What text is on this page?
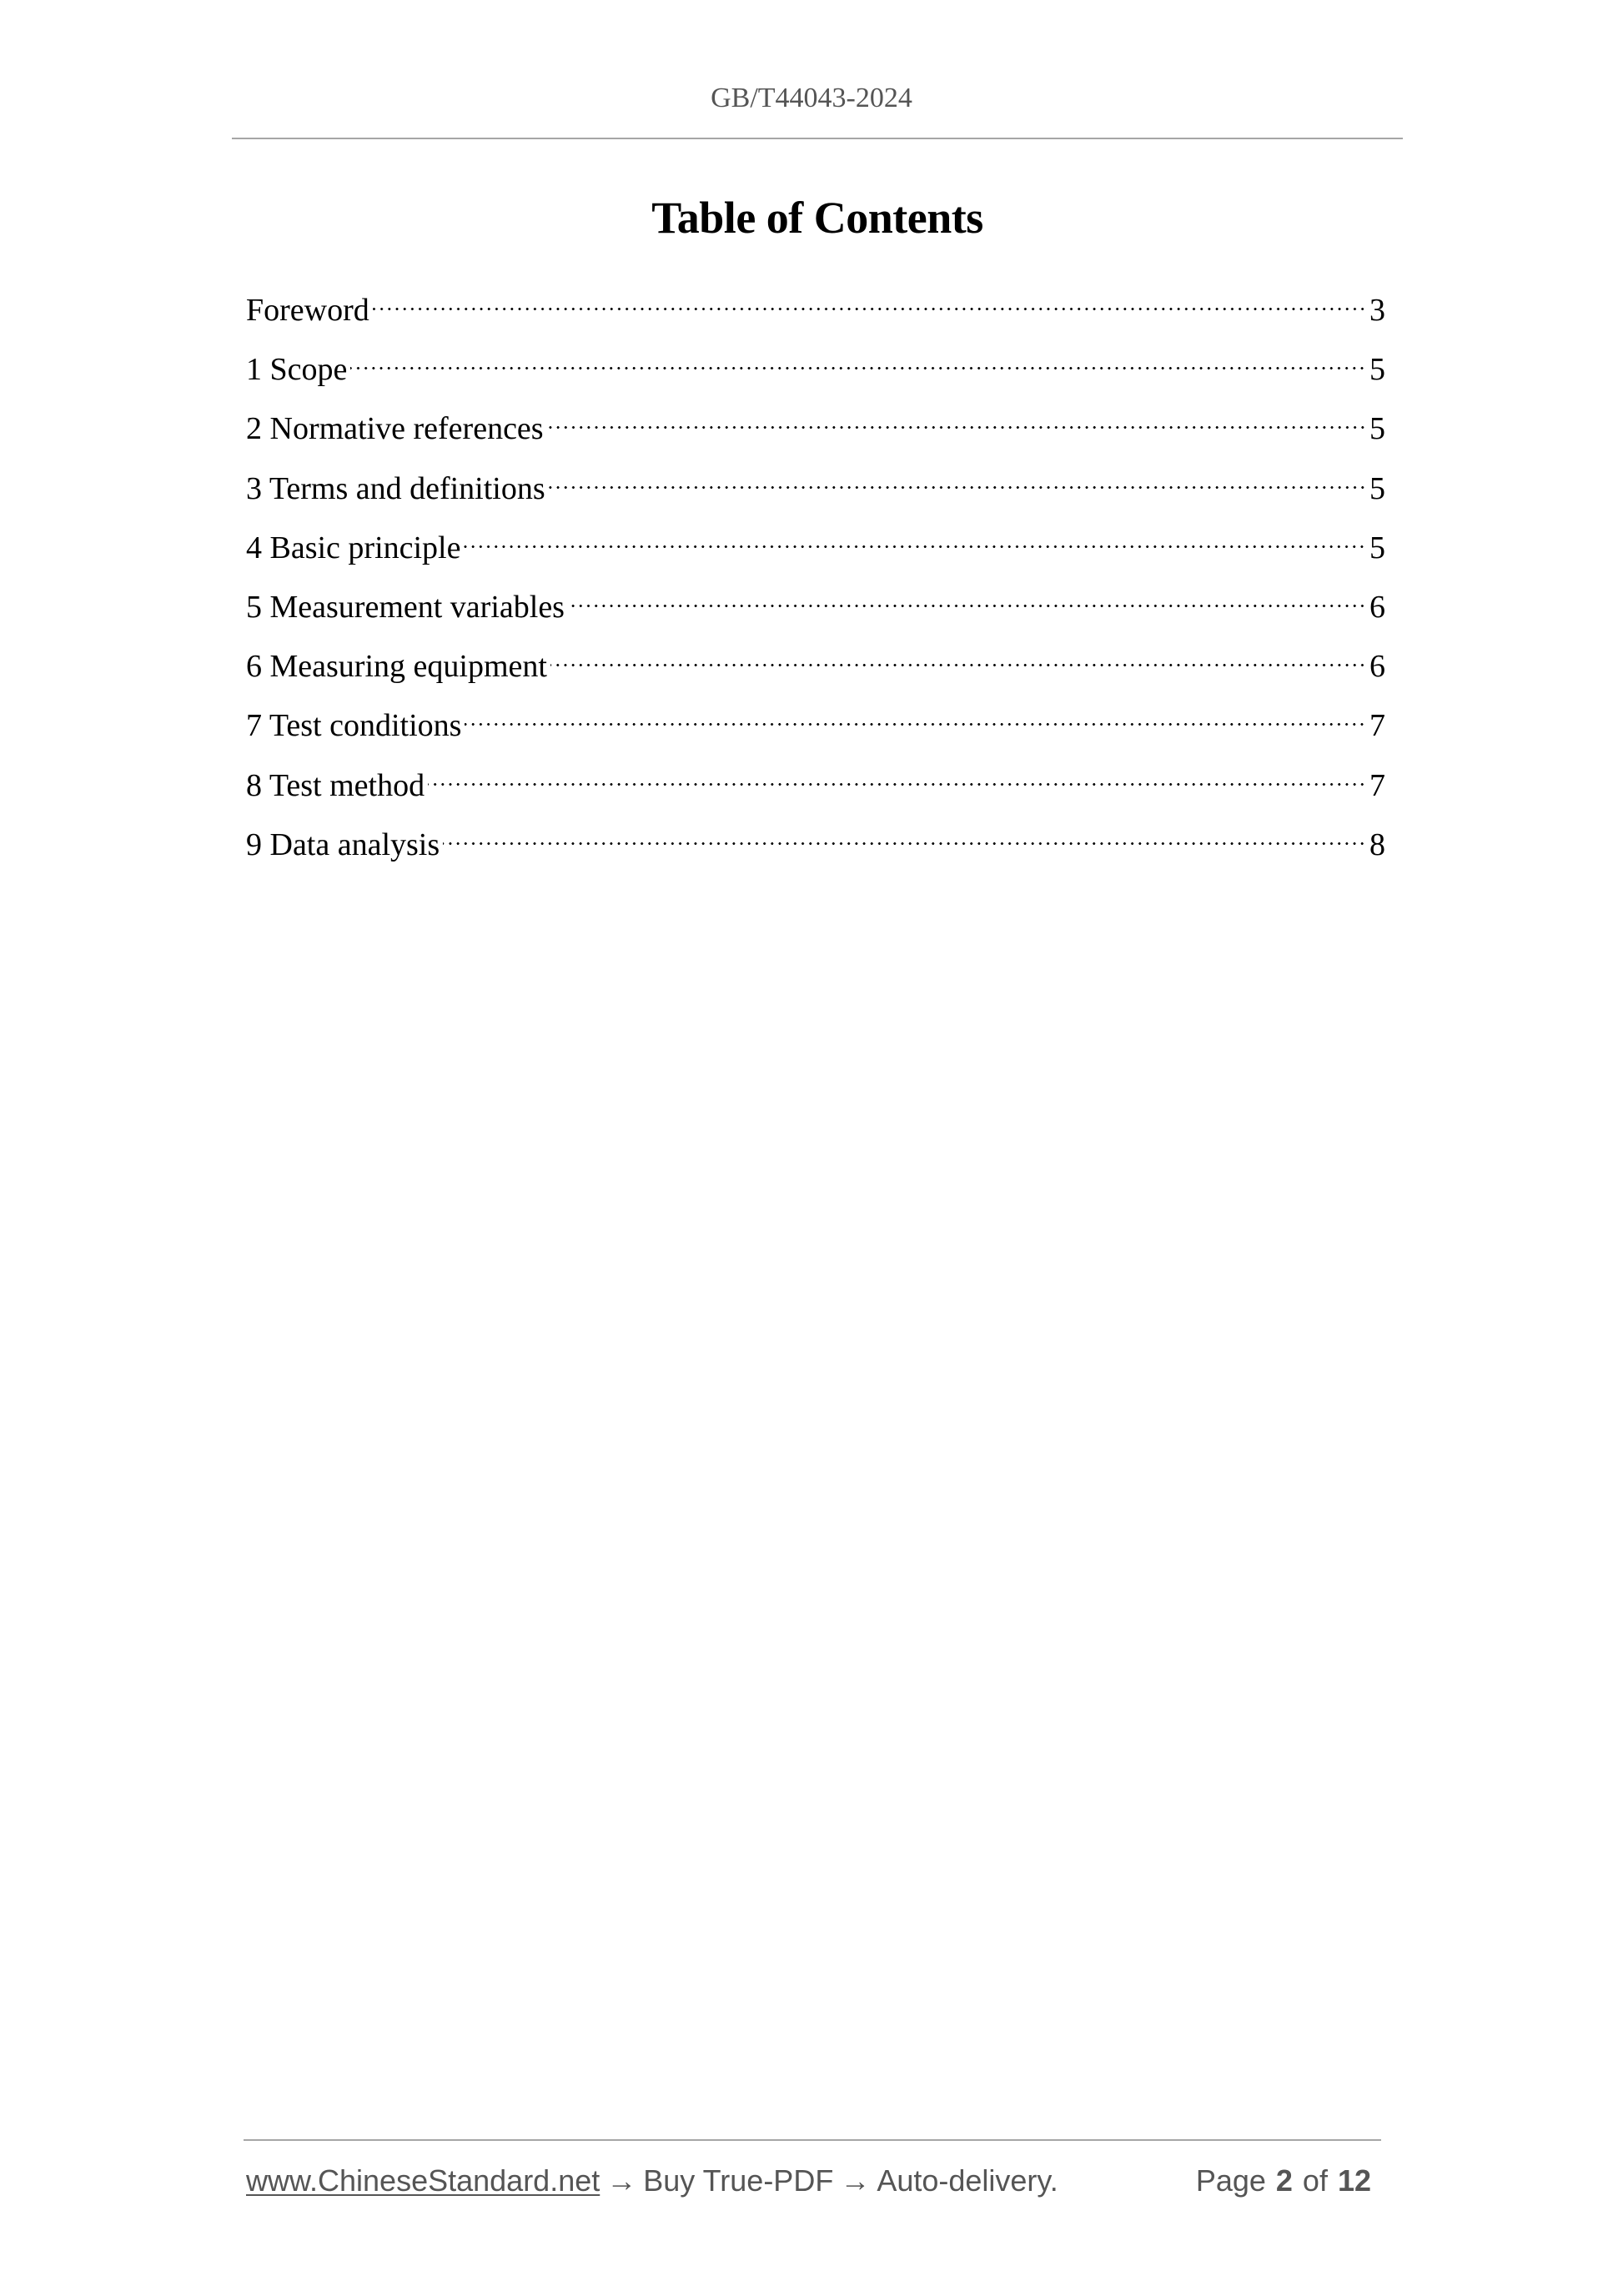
GB/T44043-2024
Table of Contents
Foreword	3
1 Scope	5
2 Normative references	5
3 Terms and definitions	5
4 Basic principle	5
5 Measurement variables	6
6 Measuring equipment	6
7 Test conditions	7
8 Test method	7
9 Data analysis	8
www.ChineseStandard.net → Buy True-PDF → Auto-delivery.	Page 2 of 12
